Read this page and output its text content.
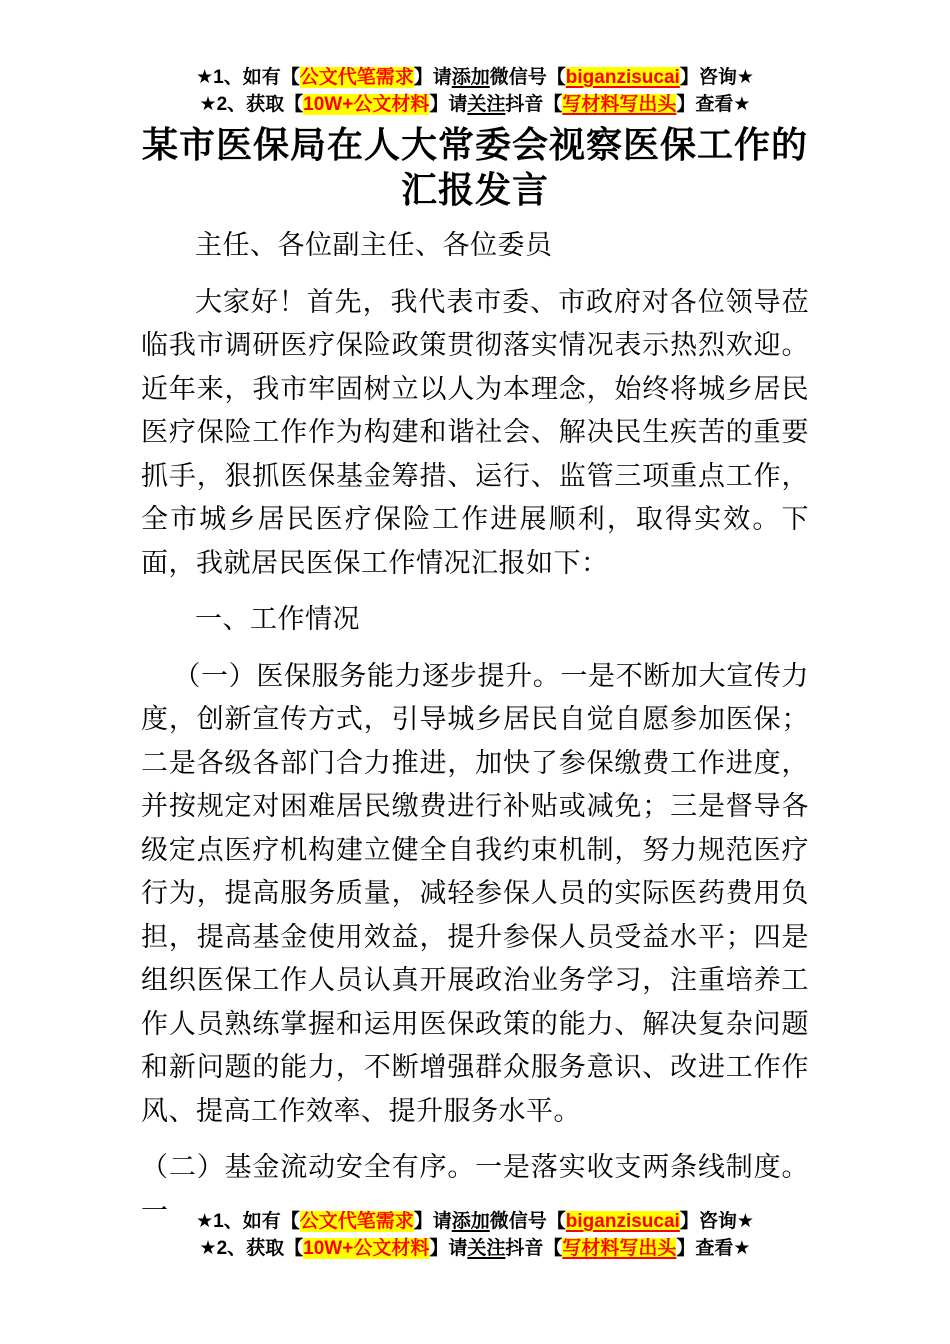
★1、如有【公文代笔需求】请添加微信号【biganzisucai】咨询★
★2、获取【10W+公文材料】请关注抖音【写材料写出头】查看★
某市医保局在人大常委会视察医保工作的汇报发言

主任、各位副主任、各位委员

大家好！首先，我代表市委、市政府对各位领导莅临我市调研医疗保险政策贯彻落实情况表示热烈欢迎。近年来，我市牢固树立以人为本理念，始终将城乡居民医疗保险工作作为构建和谐社会、解决民生疾苦的重要抓手，狠抓医保基金筹措、运行、监管三项重点工作，全市城乡居民医疗保险工作进展顺利，取得实效。下面，我就居民医保工作情况汇报如下：

一、工作情况

（一）医保服务能力逐步提升。一是不断加大宣传力度，创新宣传方式，引导城乡居民自觉自愿参加医保；二是各级各部门合力推进，加快了参保缴费工作进度，并按规定对困难居民缴费进行补贴或减免；三是督导各级定点医疗机构建立健全自我约束机制，努力规范医疗行为，提高服务质量，减轻参保人员的实际医药费用负担，提高基金使用效益，提升参保人员受益水平；四是组织医保工作人员认真开展政治业务学习，注重培养工作人员熟练掌握和运用医保政策的能力、解决复杂问题和新问题的能力，不断增强群众服务意识、改进工作作风、提高工作效率、提升服务水平。

（二）基金流动安全有序。一是落实收支两条线制度。一	★1、如有【公文代笔需求】请添加微信号【biganzisucai】咨询★
★2、获取【10W+公文材料】请关注抖音【写材料写出头】查看★
